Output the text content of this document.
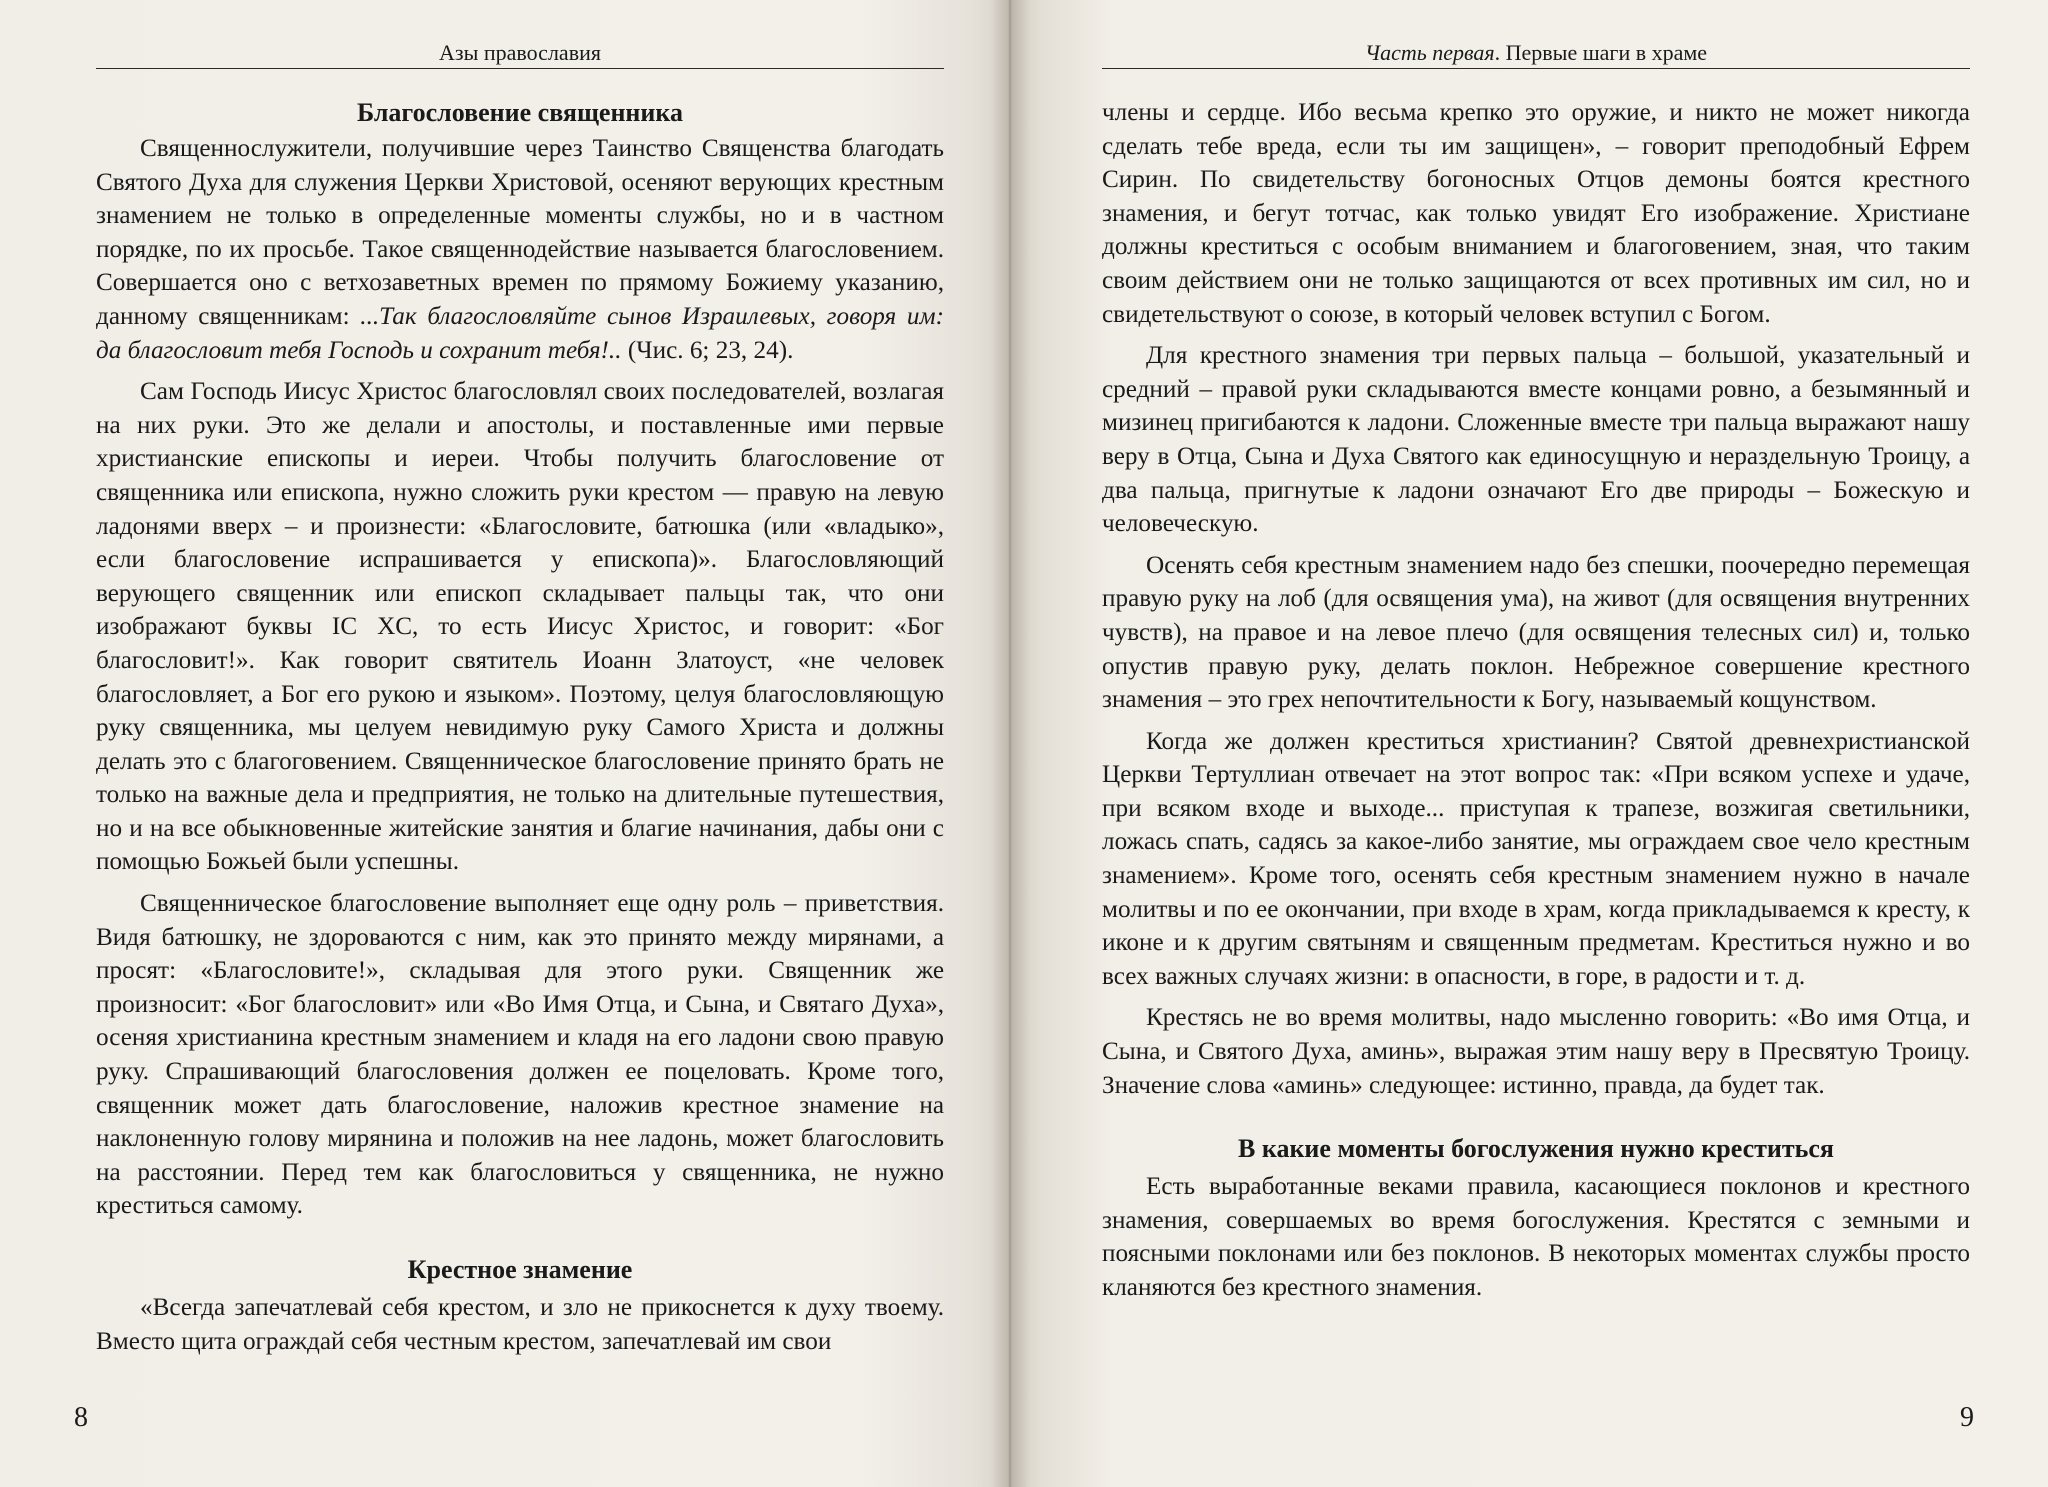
Азы православия
Благословение священника

Священнослужители, получившие через Таинство Священства благодать Святого Духа для служения Церкви Христовой, осеняют верующих крестным знамением не только в определенные моменты службы, но и в частном порядке, по их просьбе. Такое священнодействие называется благословением. Совершается оно с ветхозаветных времен по прямому Божиему указанию, данному священникам: ...Так благословляйте сынов Израилевых, говоря им: да благословит тебя Господь и сохранит тебя!.. (Чис. 6; 23, 24).

Сам Господь Иисус Христос благословлял своих последователей, возлагая на них руки. Это же делали и апостолы, и поставленные ими первые христианские епископы и иереи. Чтобы получить благословение от священника или епископа, нужно сложить руки крестом — правую на левую ладонями вверх – и произнести: «Благословите, батюшка (или «владыко», если благословение испрашивается у епископа)». Благословляющий верующего священник или епископ складывает пальцы так, что они изображают буквы IC XC, то есть Иисус Христос, и говорит: «Бог благословит!». Как говорит святитель Иоанн Златоуст, «не человек благословляет, а Бог его рукою и языком». Поэтому, целуя благословляющую руку священника, мы целуем невидимую руку Самого Христа и должны делать это с благоговением. Священническое благословение принято брать не только на важные дела и предприятия, не только на длительные путешествия, но и на все обыкновенные житейские занятия и благие начинания, дабы они с помощью Божьей были успешны.

Священническое благословение выполняет еще одну роль – приветствия. Видя батюшку, не здороваются с ним, как это принято между мирянами, а просят: «Благословите!», складывая для этого руки. Священник же произносит: «Бог благословит» или «Во Имя Отца, и Сына, и Святаго Духа», осеняя христианина крестным знамением и кладя на его ладони свою правую руку. Спрашивающий благословения должен ее поцеловать. Кроме того, священник может дать благословение, наложив крестное знамение на наклоненную голову мирянина и положив на нее ладонь, может благословить на расстоянии. Перед тем как благословиться у священника, не нужно креститься самому.

Крестное знамение

«Всегда запечатлевай себя крестом, и зло не прикоснется к духу твоему. Вместо щита ограждай себя честным крестом, запечатлевай им свои

8
Часть первая. Первые шаги в храме

члены и сердце. Ибо весьма крепко это оружие, и никто не может никогда сделать тебе вреда, если ты им защищен», – говорит преподобный Ефрем Сирин. По свидетельству богоносных Отцов демоны боятся крестного знамения, и бегут тотчас, как только увидят Его изображение. Христиане должны креститься с особым вниманием и благоговением, зная, что таким своим действием они не только защищаются от всех противных им сил, но и свидетельствуют о союзе, в который человек вступил с Богом.

Для крестного знамения три первых пальца – большой, указательный и средний – правой руки складываются вместе концами ровно, а безымянный и мизинец пригибаются к ладони. Сложенные вместе три пальца выражают нашу веру в Отца, Сына и Духа Святого как единосущную и нераздельную Троицу, а два пальца, пригнутые к ладони означают Его две природы – Божескую и человеческую.

Осенять себя крестным знамением надо без спешки, поочередно перемещая правую руку на лоб (для освящения ума), на живот (для освящения внутренних чувств), на правое и на левое плечо (для освящения телесных сил) и, только опустив правую руку, делать поклон. Небрежное совершение крестного знамения – это грех непочтительности к Богу, называемый кощунством.

Когда же должен креститься христианин? Святой древнехристианской Церкви Тертуллиан отвечает на этот вопрос так: «При всяком успехе и удаче, при всяком входе и выходе... приступая к трапезе, возжигая светильники, ложась спать, садясь за какое-либо занятие, мы ограждаем свое чело крестным знамением». Кроме того, осенять себя крестным знамением нужно в начале молитвы и по ее окончании, при входе в храм, когда прикладываемся к кресту, к иконе и к другим святыням и священным предметам. Креститься нужно и во всех важных случаях жизни: в опасности, в горе, в радости и т. д.

Крестясь не во время молитвы, надо мысленно говорить: «Во имя Отца, и Сына, и Святого Духа, аминь», выражая этим нашу веру в Пресвятую Троицу. Значение слова «аминь» следующее: истинно, правда, да будет так.

В какие моменты богослужения нужно креститься

Есть выработанные веками правила, касающиеся поклонов и крестного знамения, совершаемых во время богослужения. Крестятся с земными и поясными поклонами или без поклонов. В некоторых моментах службы просто кланяются без крестного знамения.

9
